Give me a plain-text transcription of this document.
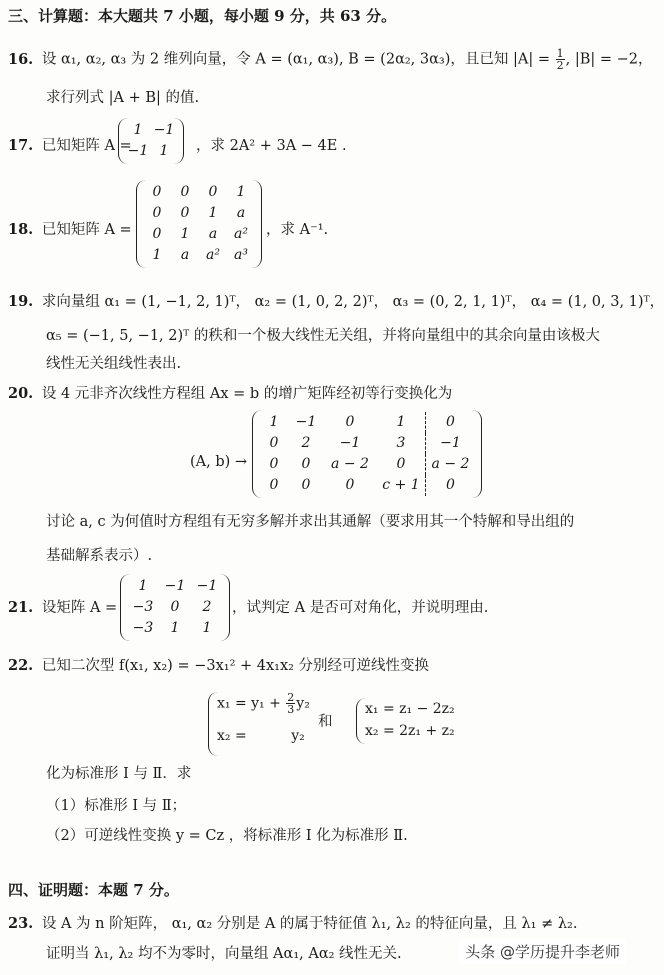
三、计算题：本大题共 7 小题，每小题 9 分，共 63 分。
16. 设 α₁, α₂, α₃ 为 2 维列向量，令 A = (α₁, α₃), B = (2α₂, 3α₃)，且已知 $|A| = \frac{1}{2}$ , |B| = −2，
求行列式 |A + B| 的值.
17. 已知矩阵 A =
1 −1
−1 1	，求 2A² + 3A − 4E .
18. 已知矩阵 A =
0	0	0	1
0	0	1	a
0	1	a	a²
1	a	a²	a³
，求 A⁻¹.
19. 求向量组 α₁ = (1, −1, 2, 1)ᵀ， α₂ = (1, 0, 2, 2)ᵀ， α₃ = (0, 2, 1, 1)ᵀ， α₄ = (1, 0, 3, 1)ᵀ，
α₅ = (−1, 5, −1, 2)ᵀ 的秩和一个极大线性无关组，并将向量组中的其余向量由该极大
线性无关组线性表出.
20. 设 4 元非齐次线性方程组 Ax = b 的增广矩阵经初等行变换化为
(A, b) →
1	−1	0	1	0
0	2	−1	3	−1
0	0	a − 2	0	a − 2
0	0	0	c + 1	0
讨论 a, c 为何值时方程组有无穷多解并求出其通解（要求用其一个特解和导出组的
基础解系表示）.
21. 设矩阵 A =
1	−1 −1
−3	0	2
−3	1	1
，试判定 A 是否可对角化，并说明理由.
22. 已知二次型 f(x₁, x₂) = −3x₁² + 4x₁x₂ 分别经可逆线性变换
$x_1 = y_1 + \frac{2}{3} y_2$
x₂ =          y₂
和
x₁ = z₁ − 2z₂
x₂ = 2z₁ + z₂
化为标准形 Ⅰ 与 Ⅱ．求
（1）标准形 Ⅰ 与 Ⅱ；
（2）可逆线性变换 y = Cz ，将标准形 Ⅰ 化为标准形 Ⅱ.
四、证明题：本题 7 分。
23. 设 A 为 n 阶矩阵， α₁, α₂ 分别是 A 的属于特征值 λ₁, λ₂ 的特征向量，且 λ₁ ≠ λ₂.
证明当 λ₁, λ₂ 均不为零时，向量组 Aα₁, Aα₂ 线性无关.	头条 @学历提升李老师
